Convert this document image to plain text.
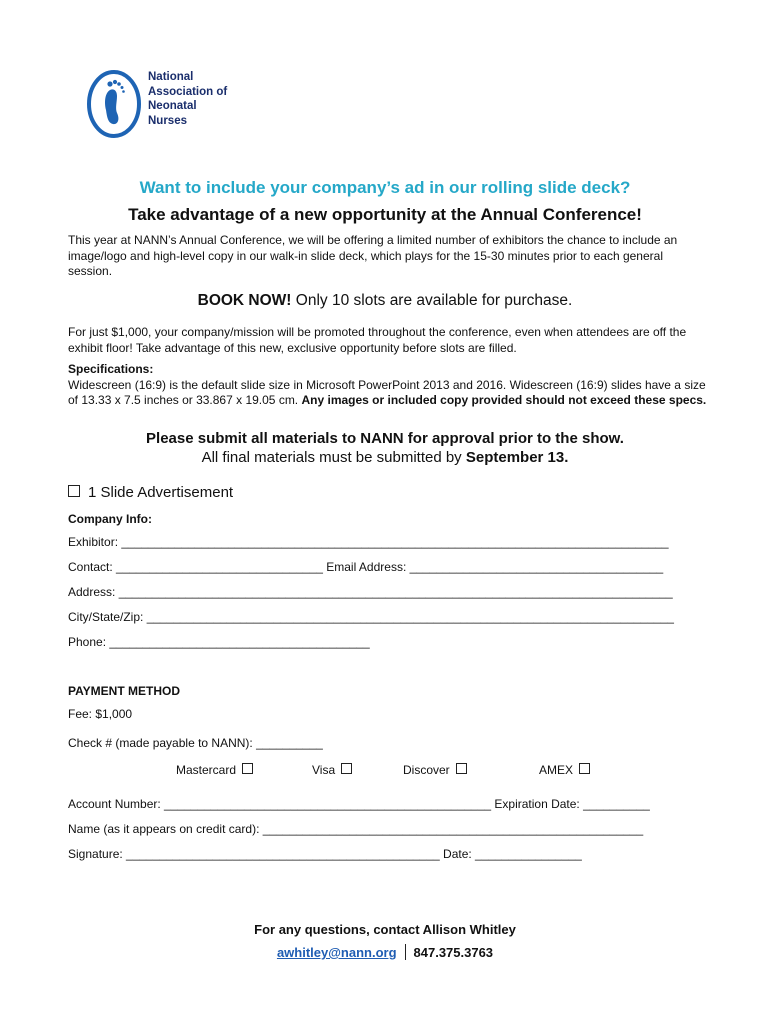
National
Association of
Neonatal
Nurses
Want to include your company’s ad in our rolling slide deck?
Take advantage of a new opportunity at the Annual Conference!

This year at NANN’s Annual Conference, we will be offering a limited number of exhibitors the chance to include an image/logo and high-level copy in our walk-in slide deck, which plays for the 15-30 minutes prior to each general session.

BOOK NOW! Only 10 slots are available for purchase.

For just $1,000, your company/mission will be promoted throughout the conference, even when attendees are off the exhibit floor! Take advantage of this new, exclusive opportunity before slots are filled.

Specifications:
Widescreen (16:9) is the default slide size in Microsoft PowerPoint 2013 and 2016. Widescreen (16:9) slides have a size of 13.33 x 7.5 inches or 33.867 x 19.05 cm. Any images or included copy provided should not exceed these specs.
Please submit all materials to NANN for approval prior to the show.
All final materials must be submitted by September 13.
1 Slide Advertisement
Company Info:
Exhibitor: __________________________________________________________________________________
Contact: _______________________________ Email Address: ______________________________________
Address: ___________________________________________________________________________________
City/State/Zip: _______________________________________________________________________________
Phone: _______________________________________
PAYMENT METHOD
Fee: $1,000
Check # (made payable to NANN): __________
Mastercard	Visa	Discover	AMEX
Account Number: _________________________________________________ Expiration Date: __________
Name (as it appears on credit card): _________________________________________________________
Signature: _______________________________________________ Date: ________________
For any questions, contact Allison Whitley
awhitley@nann.org 847.375.3763
